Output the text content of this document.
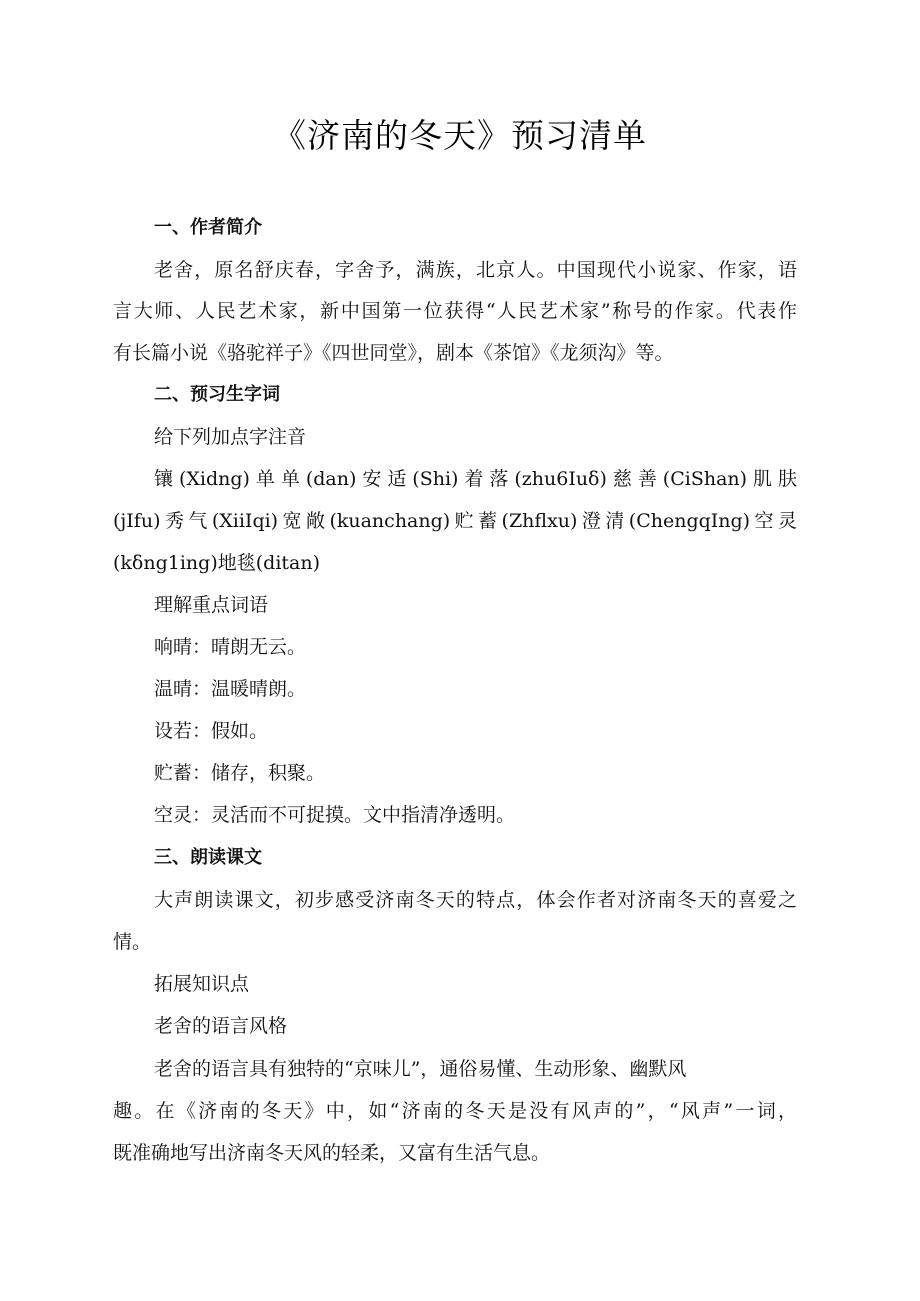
《济南的冬天》预习清单
一、作者简介
老舍，原名舒庆春，字舍予，满族，北京人。中国现代小说家、作家，语
言大师、人民艺术家，新中国第一位获得“人民艺术家”称号的作家。代表作
有长篇小说《骆驼祥子》《四世同堂》，剧本《茶馆》《龙须沟》等。
二、预习生字词
给下列加点字注音
镶(Xidng)单单(dan)安适(Shi)着落(zhu6Iuδ)慈善(CiShan)肌肤
(jIfu)秀气(XiiIqi)宽敞(kuanchang)贮蓄(Zhflxu)澄清(ChengqIng)空灵
(kδng1ing)地毯(ditan)
理解重点词语
响晴：晴朗无云。
温晴：温暖晴朗。
设若：假如。
贮蓄：储存，积聚。
空灵：灵活而不可捉摸。文中指清净透明。
三、朗读课文
大声朗读课文，初步感受济南冬天的特点，体会作者对济南冬天的喜爱之
情。
拓展知识点
老舍的语言风格
老舍的语言具有独特的“京味儿”，通俗易懂、生动形象、幽默风
趣。在《济南的冬天》中，如“济南的冬天是没有风声的”，“风声”一词，
既准确地写出济南冬天风的轻柔，又富有生活气息。
